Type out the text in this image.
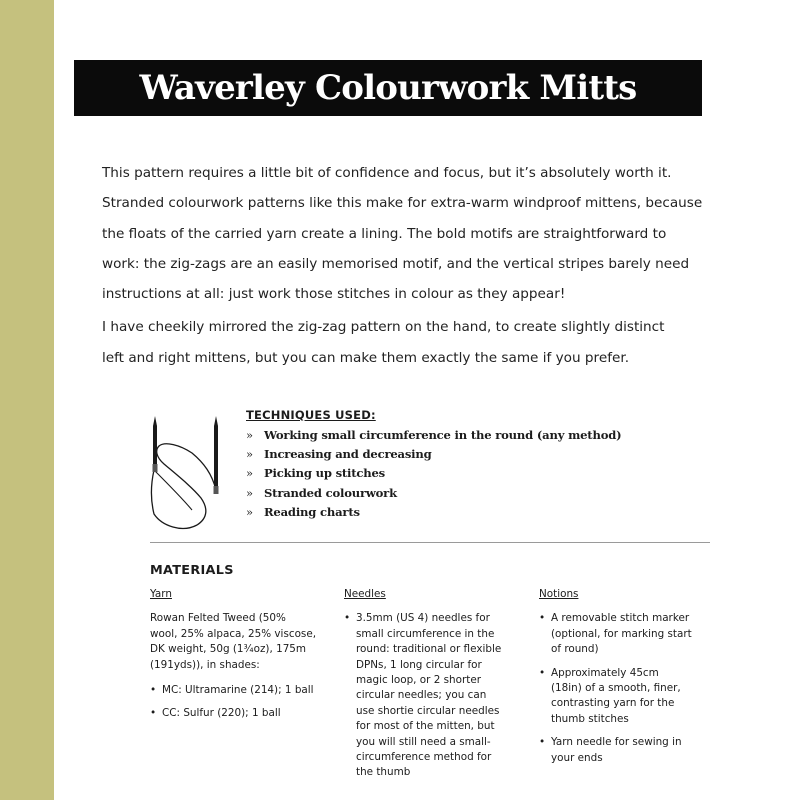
Waverley Colourwork Mitts

This pattern requires a little bit of confidence and focus, but it’s absolutely worth it.
Stranded colourwork patterns like this make for extra-warm windproof mittens, because
the floats of the carried yarn create a lining. The bold motifs are straightforward to
work: the zig-zags are an easily memorised motif, and the vertical stripes barely need
instructions at all: just work those stitches in colour as they appear!

I have cheekily mirrored the zig-zag pattern on the hand, to create slightly distinct
left and right mittens, but you can make them exactly the same if you prefer.

TECHNIQUES USED:
» Working small circumference in the round (any method)
» Increasing and decreasing
» Picking up stitches
» Stranded colourwork
» Reading charts
MATERIALS
Yarn

Rowan Felted Tweed (50%
wool, 25% alpaca, 25% viscose,
DK weight, 50g (1¾oz), 175m
(191yds)), in shades:

• MC: Ultramarine (214); 1 ball
• CC: Sulfur (220); 1 ball
Needles
• 3.5mm (US 4) needles for
small circumference in the
round: traditional or flexible
DPNs, 1 long circular for
magic loop, or 2 shorter
circular needles; you can
use shortie circular needles
for most of the mitten, but
you will still need a small-
circumference method for
the thumb
Notions
• A removable stitch marker
(optional, for marking start
of round)
• Approximately 45cm
(18in) of a smooth, finer,
contrasting yarn for the
thumb stitches
• Yarn needle for sewing in
your ends
